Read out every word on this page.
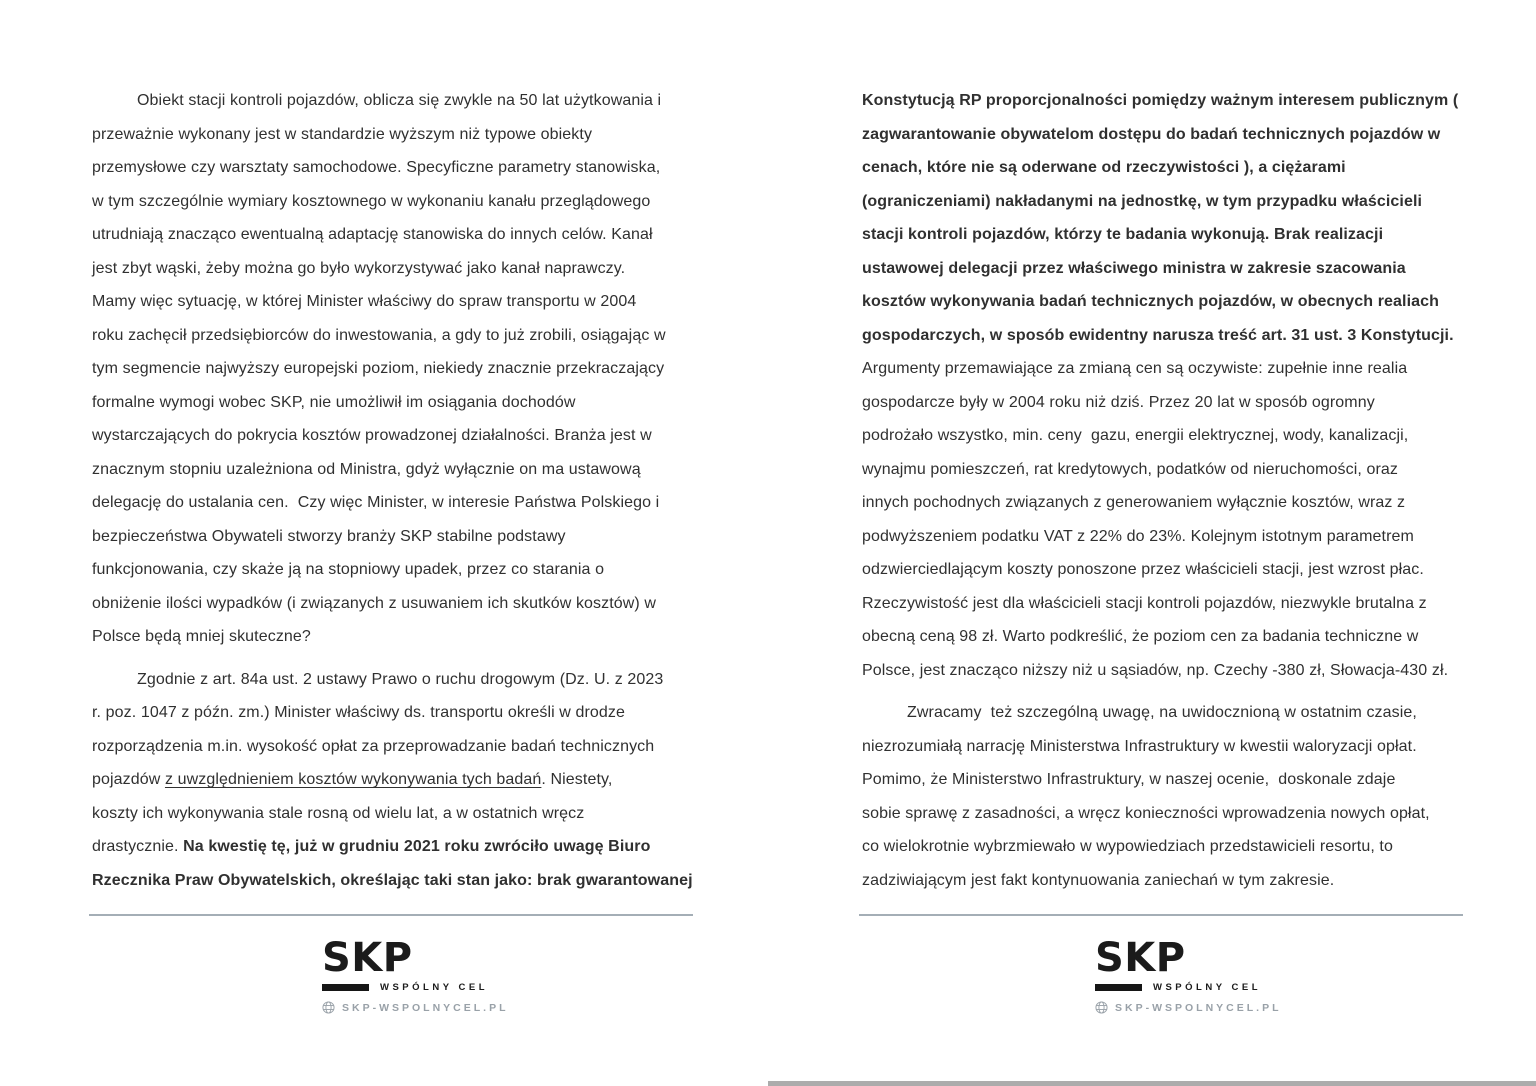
Obiekt stacji kontroli pojazdów, oblicza się zwykle na 50 lat użytkowania i
przeważnie wykonany jest w standardzie wyższym niż typowe obiekty
przemysłowe czy warsztaty samochodowe. Specyficzne parametry stanowiska,
w tym szczególnie wymiary kosztownego w wykonaniu kanału przeglądowego
utrudniają znacząco ewentualną adaptację stanowiska do innych celów. Kanał
jest zbyt wąski, żeby można go było wykorzystywać jako kanał naprawczy.
Mamy więc sytuację, w której Minister właściwy do spraw transportu w 2004
roku zachęcił przedsiębiorców do inwestowania, a gdy to już zrobili, osiągając w
tym segmencie najwyższy europejski poziom, niekiedy znacznie przekraczający
formalne wymogi wobec SKP, nie umożliwił im osiągania dochodów
wystarczających do pokrycia kosztów prowadzonej działalności. Branża jest w
znacznym stopniu uzależniona od Ministra, gdyż wyłącznie on ma ustawową
delegację do ustalania cen.  Czy więc Minister, w interesie Państwa Polskiego i
bezpieczeństwa Obywateli stworzy branży SKP stabilne podstawy
funkcjonowania, czy skaże ją na stopniowy upadek, przez co starania o
obniżenie ilości wypadków (i związanych z usuwaniem ich skutków kosztów) w
Polsce będą mniej skuteczne?
Zgodnie z art. 84a ust. 2 ustawy Prawo o ruchu drogowym (Dz. U. z 2023
r. poz. 1047 z późn. zm.) Minister właściwy ds. transportu określi w drodze
rozporządzenia m.in. wysokość opłat za przeprowadzanie badań technicznych
pojazdów z uwzględnieniem kosztów wykonywania tych badań. Niestety,
koszty ich wykonywania stale rosną od wielu lat, a w ostatnich wręcz
drastycznie. Na kwestię tę, już w grudniu 2021 roku zwróciło uwagę Biuro
Rzecznika Praw Obywatelskich, określając taki stan jako: brak gwarantowanej
SKP
WSPÓLNY CEL
SKP-WSPOLNYCEL.PL
Konstytucją RP proporcjonalności pomiędzy ważnym interesem publicznym (
zagwarantowanie obywatelom dostępu do badań technicznych pojazdów w
cenach, które nie są oderwane od rzeczywistości ), a ciężarami
(ograniczeniami) nakładanymi na jednostkę, w tym przypadku właścicieli
stacji kontroli pojazdów, którzy te badania wykonują. Brak realizacji
ustawowej delegacji przez właściwego ministra w zakresie szacowania
kosztów wykonywania badań technicznych pojazdów, w obecnych realiach
gospodarczych, w sposób ewidentny narusza treść art. 31 ust. 3 Konstytucji.
Argumenty przemawiające za zmianą cen są oczywiste: zupełnie inne realia
gospodarcze były w 2004 roku niż dziś. Przez 20 lat w sposób ogromny
podrożało wszystko, min. ceny  gazu, energii elektrycznej, wody, kanalizacji,
wynajmu pomieszczeń, rat kredytowych, podatków od nieruchomości, oraz
innych pochodnych związanych z generowaniem wyłącznie kosztów, wraz z
podwyższeniem podatku VAT z 22% do 23%. Kolejnym istotnym parametrem
odzwierciedlającym koszty ponoszone przez właścicieli stacji, jest wzrost płac.
Rzeczywistość jest dla właścicieli stacji kontroli pojazdów, niezwykle brutalna z
obecną ceną 98 zł. Warto podkreślić, że poziom cen za badania techniczne w
Polsce, jest znacząco niższy niż u sąsiadów, np. Czechy -380 zł, Słowacja-430 zł.
Zwracamy  też szczególną uwagę, na uwidocznioną w ostatnim czasie,
niezrozumiałą narrację Ministerstwa Infrastruktury w kwestii waloryzacji opłat.
Pomimo, że Ministerstwo Infrastruktury, w naszej ocenie,  doskonale zdaje
sobie sprawę z zasadności, a wręcz konieczności wprowadzenia nowych opłat,
co wielokrotnie wybrzmiewało w wypowiedziach przedstawicieli resortu, to
zadziwiającym jest fakt kontynuowania zaniechań w tym zakresie.
SKP
WSPÓLNY CEL
SKP-WSPOLNYCEL.PL
